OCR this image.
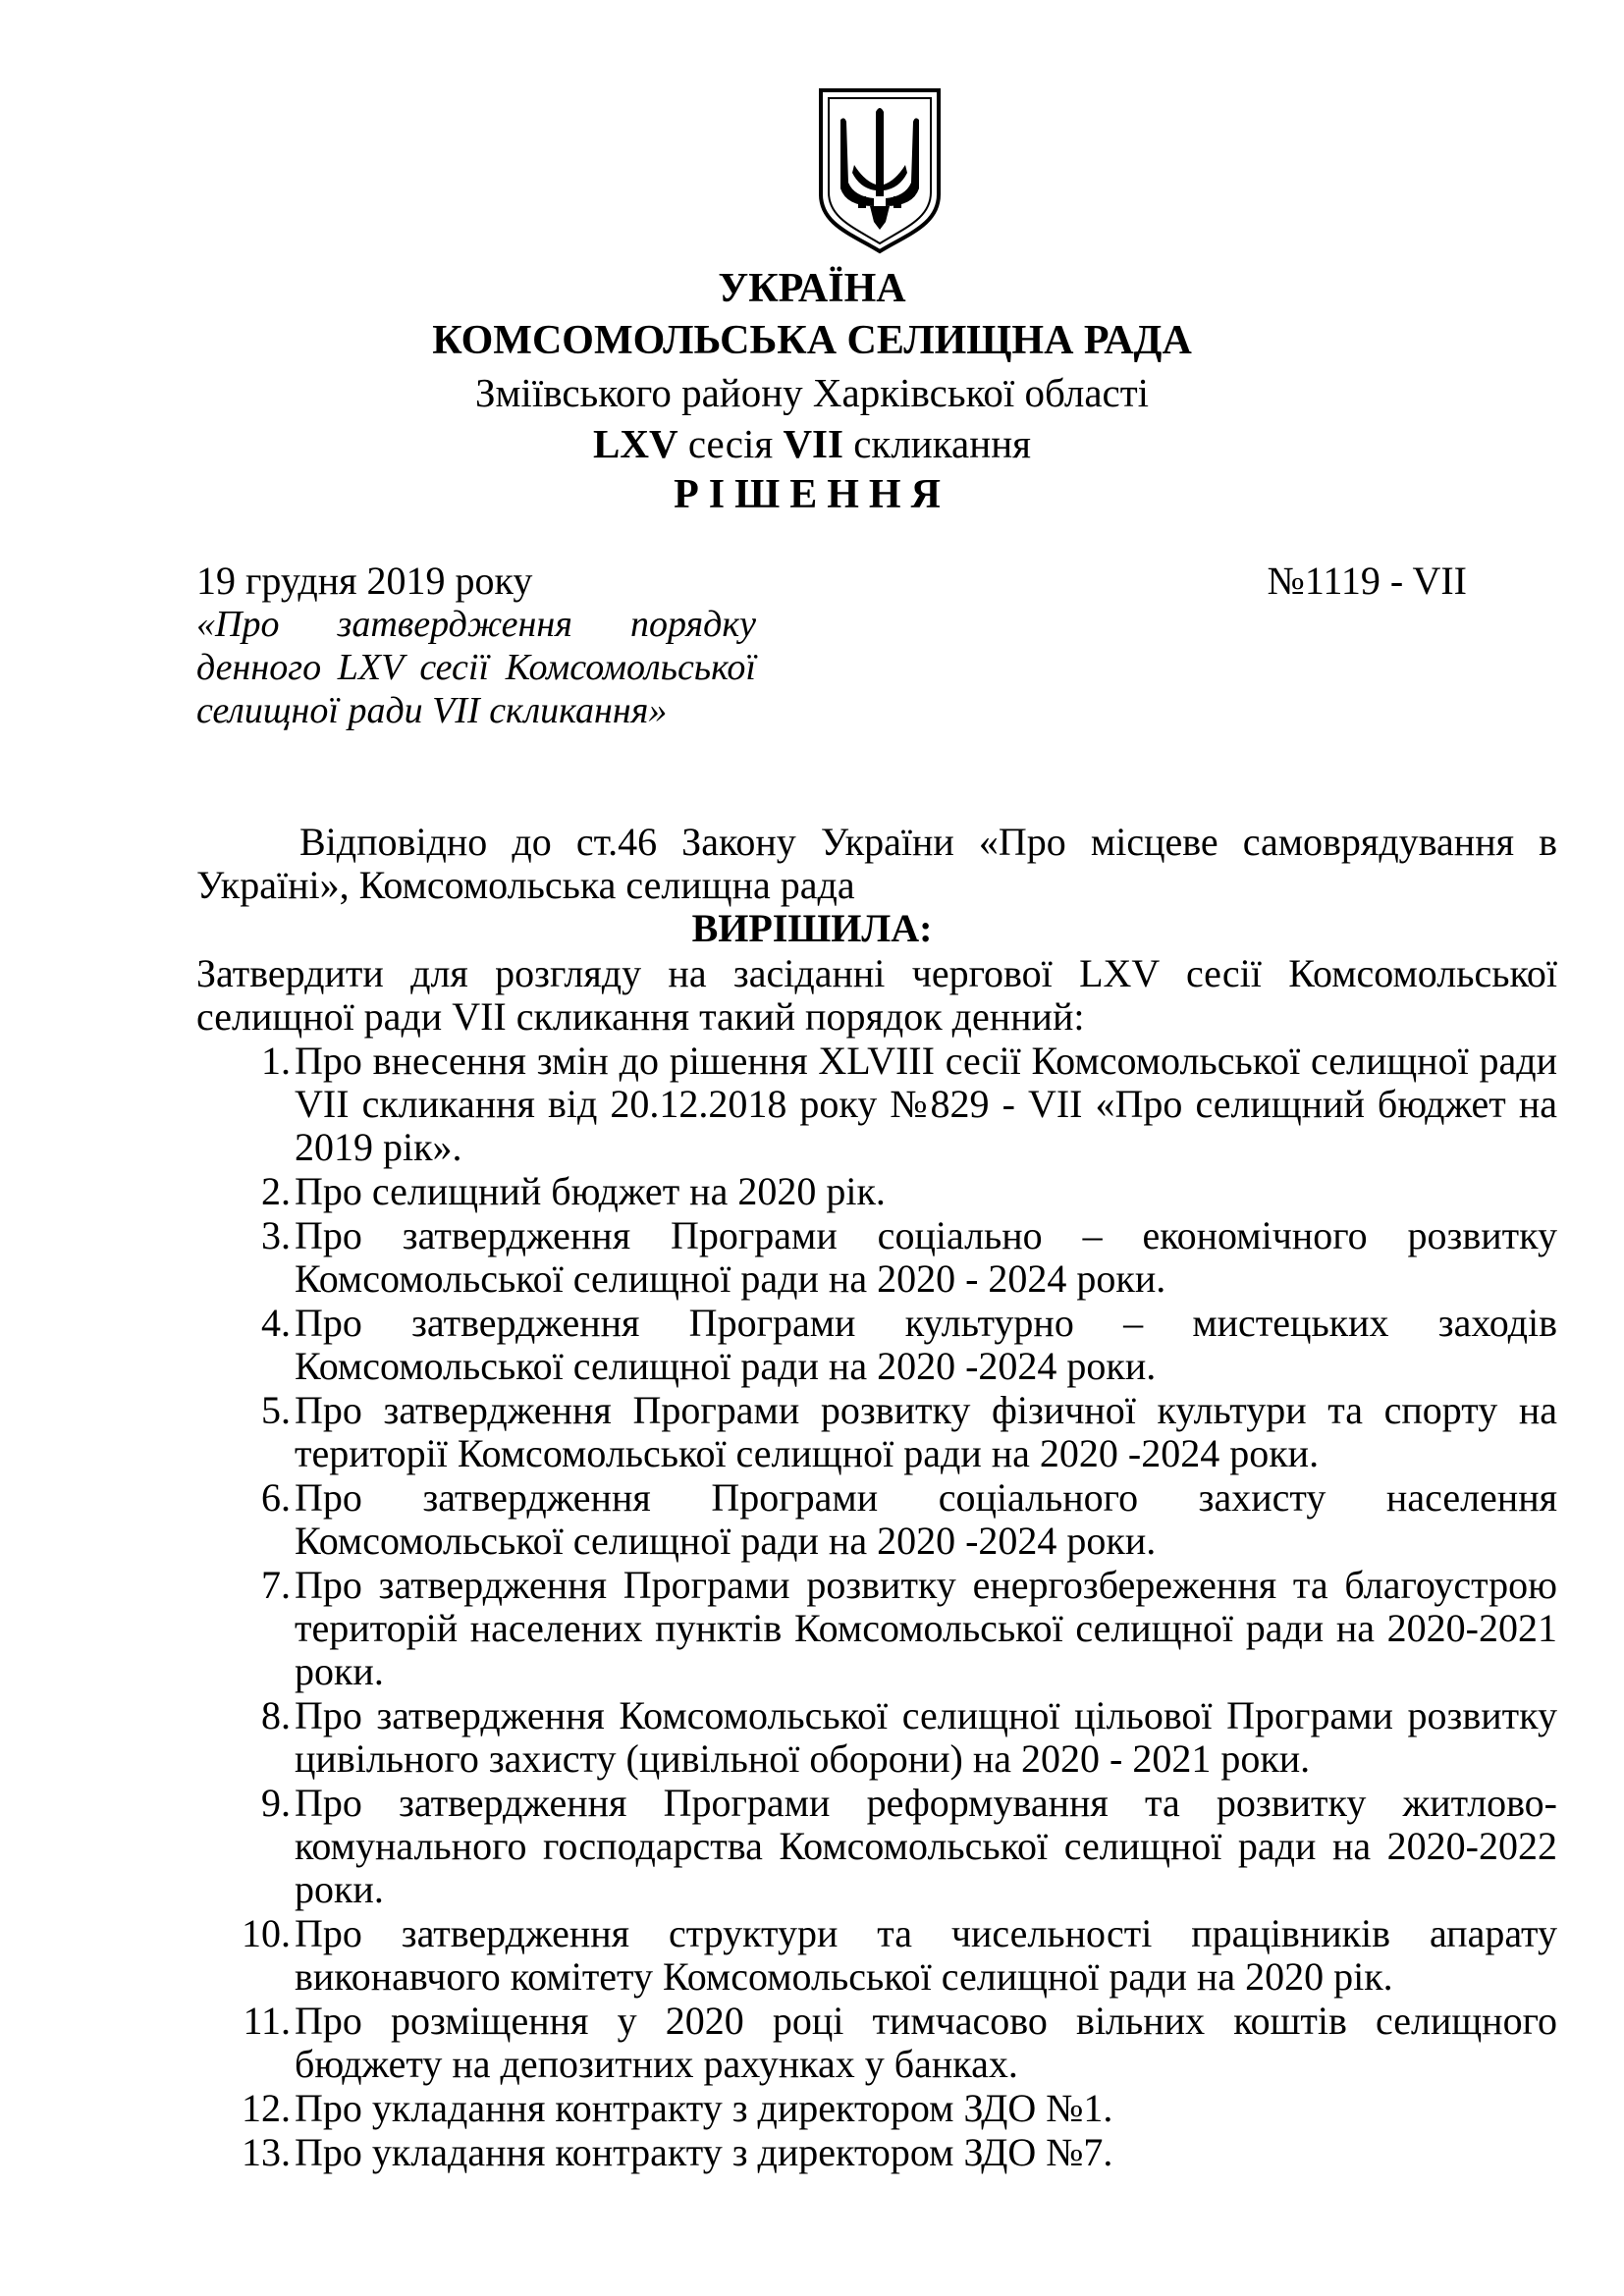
УКРАЇНА
КОМСОМОЛЬСЬКА СЕЛИЩНА РАДА
Зміївського району Харківської області
LXV сесія VII скликання
РІШЕННЯ
19 грудня 2019 року	№1119 - VII
«Про затвердження порядку денного LXV сесії Комсомольської селищної ради VII скликання»
Відповідно до ст.46 Закону України «Про місцеве самоврядування в Україні», Комсомольська селищна рада
ВИРІШИЛА:
Затвердити для розгляду на засіданні чергової LXV сесії Комсомольської селищної ради VII скликання такий порядок денний:
1. Про внесення змін до рішення XLVIII сесії Комсомольської селищної ради VII скликання від 20.12.2018 року №829 - VII «Про селищний бюджет на 2019 рік».
2. Про селищний бюджет на 2020 рік.
3. Про затвердження Програми соціально – економічного розвитку Комсомольської селищної ради на 2020 - 2024 роки.
4. Про затвердження Програми культурно – мистецьких заходів Комсомольської селищної ради на 2020 -2024 роки.
5. Про затвердження Програми розвитку фізичної культури та спорту на території Комсомольської селищної ради на 2020 -2024 роки.
6. Про затвердження Програми соціального захисту населення Комсомольської селищної ради на 2020 -2024 роки.
7. Про затвердження Програми розвитку енергозбереження та благоустрою територій населених пунктів Комсомольської селищної ради на 2020-2021 роки.
8. Про затвердження Комсомольської селищної цільової Програми розвитку цивільного захисту (цивільної оборони) на 2020 - 2021 роки.
9. Про затвердження Програми реформування та розвитку житлово-комунального господарства Комсомольської селищної ради на 2020-2022 роки.
10. Про затвердження структури та чисельності працівників апарату виконавчого комітету Комсомольської селищної ради на 2020 рік.
11. Про розміщення у 2020 році тимчасово вільних коштів селищного бюджету на депозитних рахунках у банках.
12. Про укладання контракту з директором ЗДО №1.
13. Про укладання контракту з директором ЗДО №7.
